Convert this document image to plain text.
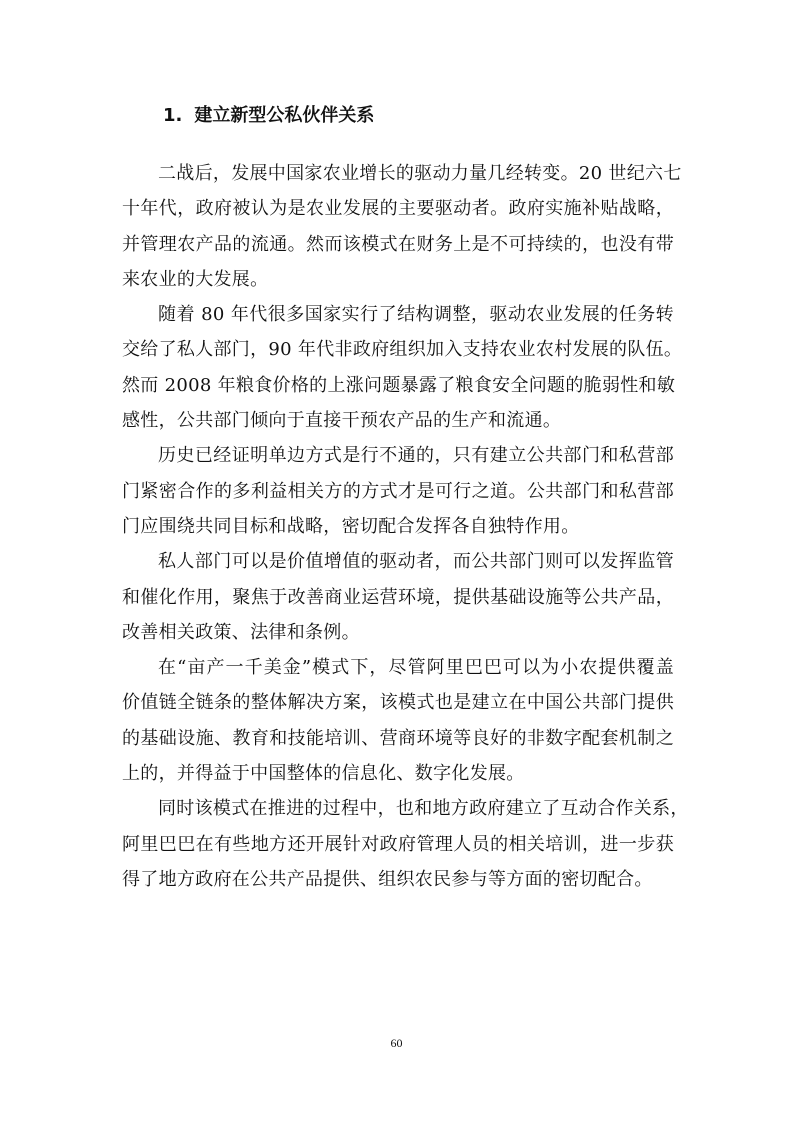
1. 建立新型公私伙伴关系
二战后，发展中国家农业增长的驱动力量几经转变。20 世纪六七
十年代，政府被认为是农业发展的主要驱动者。政府实施补贴战略，
并管理农产品的流通。然而该模式在财务上是不可持续的，也没有带
来农业的大发展。
随着 80 年代很多国家实行了结构调整，驱动农业发展的任务转
交给了私人部门，90 年代非政府组织加入支持农业农村发展的队伍。
然而 2008 年粮食价格的上涨问题暴露了粮食安全问题的脆弱性和敏
感性，公共部门倾向于直接干预农产品的生产和流通。
历史已经证明单边方式是行不通的，只有建立公共部门和私营部
门紧密合作的多利益相关方的方式才是可行之道。公共部门和私营部
门应围绕共同目标和战略，密切配合发挥各自独特作用。
私人部门可以是价值增值的驱动者，而公共部门则可以发挥监管
和催化作用，聚焦于改善商业运营环境，提供基础设施等公共产品，
改善相关政策、法律和条例。
在“亩产一千美金”模式下，尽管阿里巴巴可以为小农提供覆盖
价值链全链条的整体解决方案，该模式也是建立在中国公共部门提供
的基础设施、教育和技能培训、营商环境等良好的非数字配套机制之
上的，并得益于中国整体的信息化、数字化发展。
同时该模式在推进的过程中，也和地方政府建立了互动合作关系，
阿里巴巴在有些地方还开展针对政府管理人员的相关培训，进一步获
得了地方政府在公共产品提供、组织农民参与等方面的密切配合。
60
